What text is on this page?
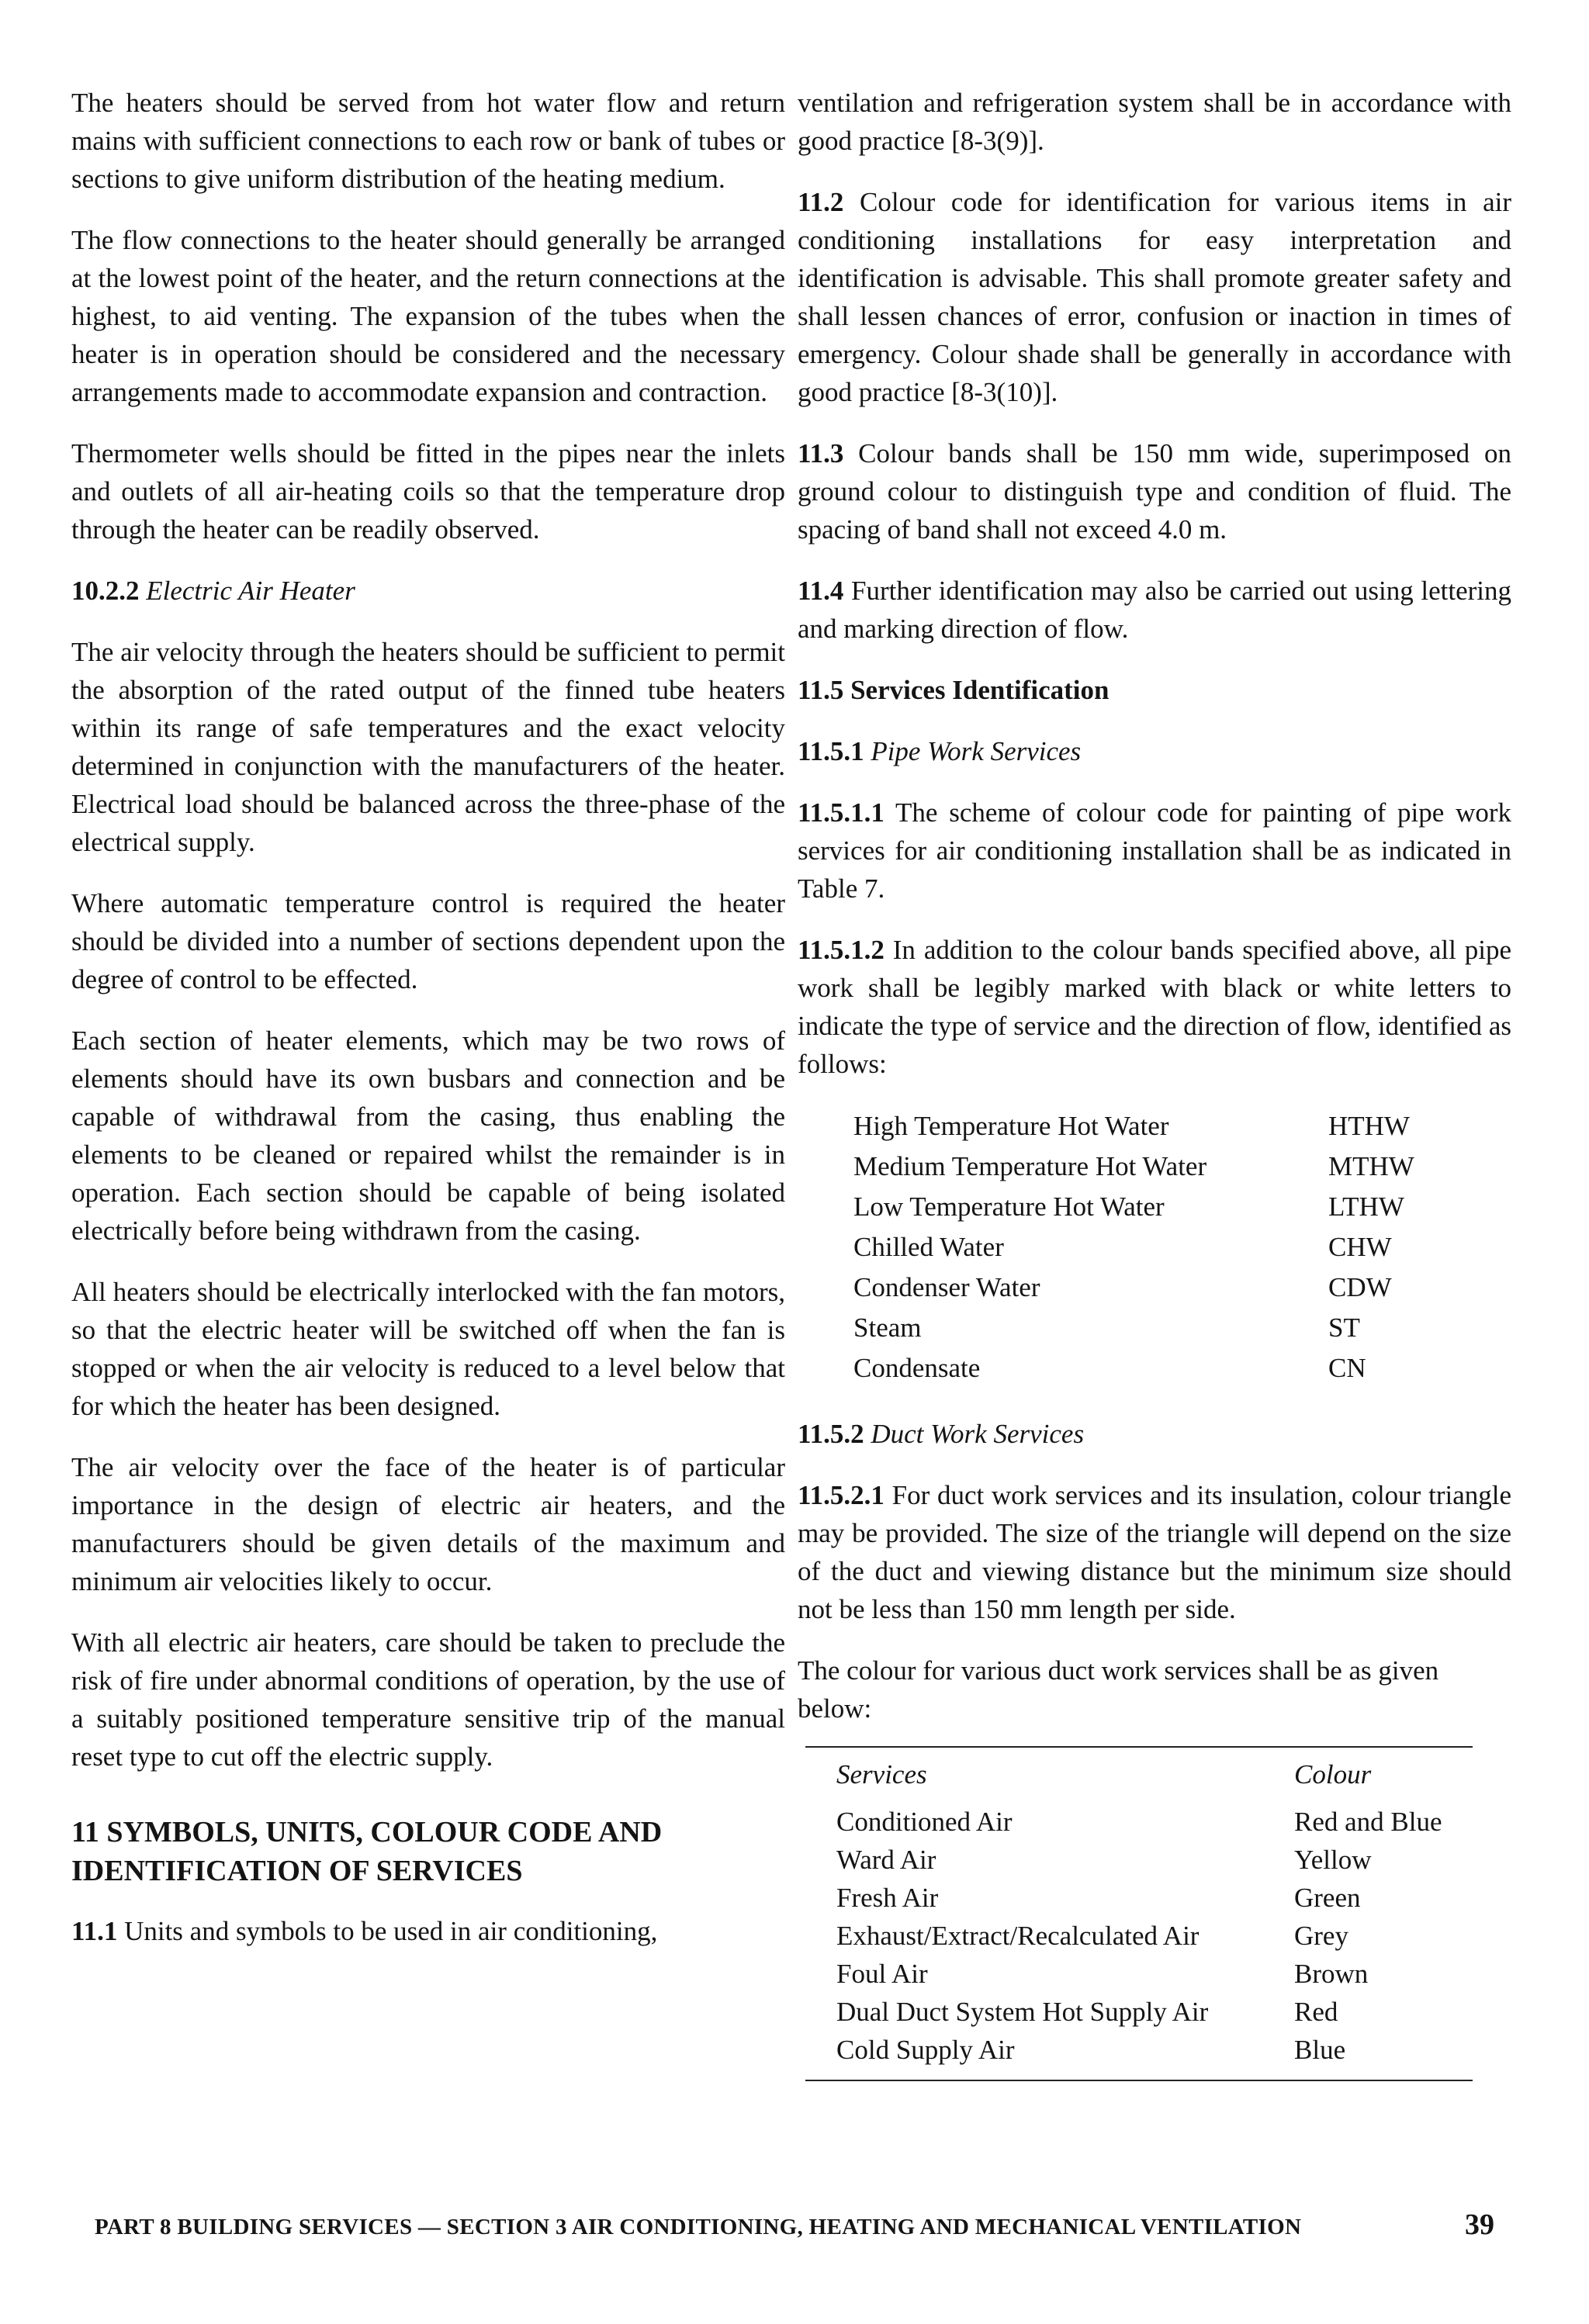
The heaters should be served from hot water flow and return mains with sufficient connections to each row or bank of tubes or sections to give uniform distribution of the heating medium.

The flow connections to the heater should generally be arranged at the lowest point of the heater, and the return connections at the highest, to aid venting. The expansion of the tubes when the heater is in operation should be considered and the necessary arrangements made to accommodate expansion and contraction.

Thermometer wells should be fitted in the pipes near the inlets and outlets of all air-heating coils so that the temperature drop through the heater can be readily observed.

10.2.2 Electric Air Heater

The air velocity through the heaters should be sufficient to permit the absorption of the rated output of the finned tube heaters within its range of safe temperatures and the exact velocity determined in conjunction with the manufacturers of the heater. Electrical load should be balanced across the three-phase of the electrical supply.

Where automatic temperature control is required the heater should be divided into a number of sections dependent upon the degree of control to be effected.

Each section of heater elements, which may be two rows of elements should have its own busbars and connection and be capable of withdrawal from the casing, thus enabling the elements to be cleaned or repaired whilst the remainder is in operation. Each section should be capable of being isolated electrically before being withdrawn from the casing.

All heaters should be electrically interlocked with the fan motors, so that the electric heater will be switched off when the fan is stopped or when the air velocity is reduced to a level below that for which the heater has been designed.

The air velocity over the face of the heater is of particular importance in the design of electric air heaters, and the manufacturers should be given details of the maximum and minimum air velocities likely to occur.

With all electric air heaters, care should be taken to preclude the risk of fire under abnormal conditions of operation, by the use of a suitably positioned temperature sensitive trip of the manual reset type to cut off the electric supply.

11 SYMBOLS, UNITS, COLOUR CODE AND IDENTIFICATION OF SERVICES

11.1 Units and symbols to be used in air conditioning,

ventilation and refrigeration system shall be in accordance with good practice [8-3(9)].

11.2 Colour code for identification for various items in air conditioning installations for easy interpretation and identification is advisable. This shall promote greater safety and shall lessen chances of error, confusion or inaction in times of emergency. Colour shade shall be generally in accordance with good practice [8-3(10)].

11.3 Colour bands shall be 150 mm wide, superimposed on ground colour to distinguish type and condition of fluid. The spacing of band shall not exceed 4.0 m.

11.4 Further identification may also be carried out using lettering and marking direction of flow.

11.5 Services Identification
11.5.1 Pipe Work Services

11.5.1.1 The scheme of colour code for painting of pipe work services for air conditioning installation shall be as indicated in Table 7.

11.5.1.2 In addition to the colour bands specified above, all pipe work shall be legibly marked with black or white letters to indicate the type of service and the direction of flow, identified as follows:

High Temperature Hot Water	HTHW
Medium Temperature Hot Water	MTHW
Low Temperature Hot Water	LTHW
Chilled Water	CHW
Condenser Water	CDW
Steam	ST
Condensate	CN
11.5.2 Duct Work Services

11.5.2.1 For duct work services and its insulation, colour triangle may be provided. The size of the triangle will depend on the size of the duct and viewing distance but the minimum size should not be less than 150 mm length per side.

The colour for various duct work services shall be as given below:

Services	Colour
Conditioned Air	Red and Blue
Ward Air	Yellow
Fresh Air	Green
Exhaust/Extract/Recalculated Air	Grey
Foul Air	Brown
Dual Duct System Hot Supply Air	Red
Cold Supply Air	Blue
PART 8 BUILDING SERVICES — SECTION 3 AIR CONDITIONING, HEATING AND MECHANICAL VENTILATION	39
